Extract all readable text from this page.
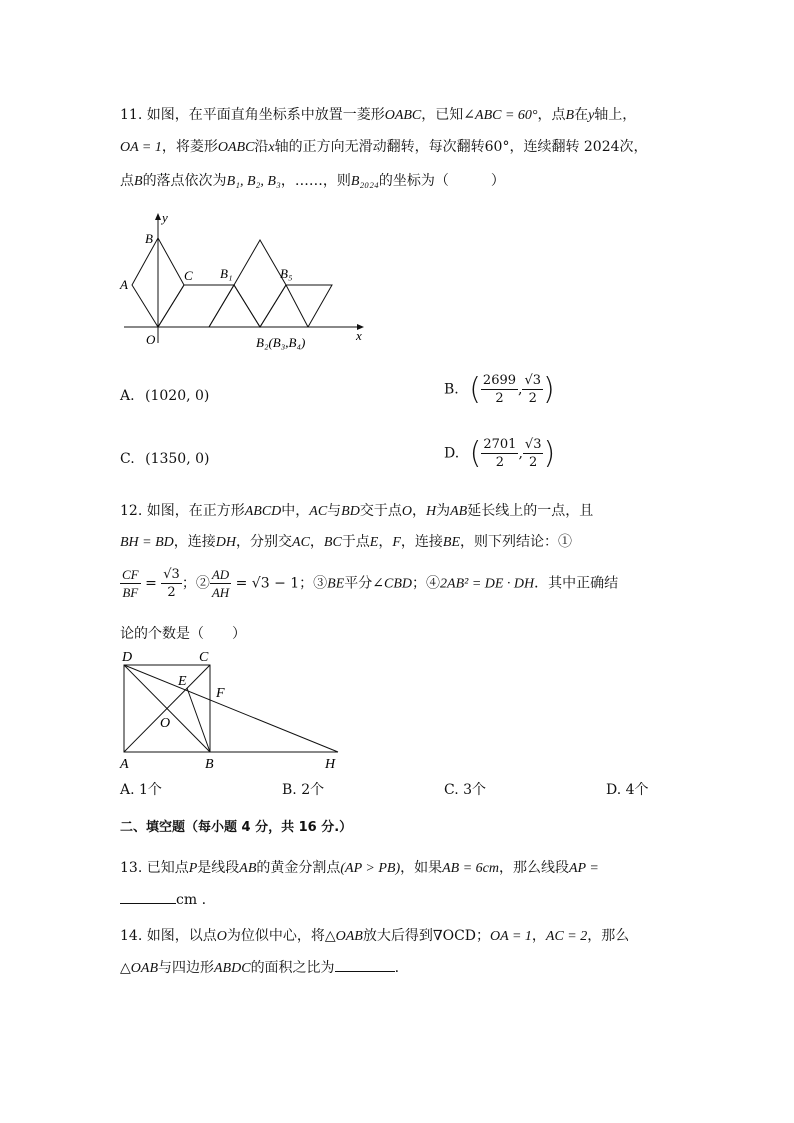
11. 如图，在平面直角坐标系中放置一菱形OABC，已知∠ABC = 60°，点B在y轴上，
OA = 1，将菱形OABC沿x轴的正方向无滑动翻转，每次翻转60°，连续翻转 2024次，
点B的落点依次为B₁, B₂, B₃，……，则B₂₀₂₄的坐标为（　　　）
y
x
B
A
C
O
B₁	B₅
B₂(B₃,B₄)
A. (1020, 0)	B. ( $\frac{2699}{2}$ , $\frac{√3}{2}$ )
C. (1350, 0)	D. ( $\frac{2701}{2}$ , $\frac{√3}{2}$ )
12. 如图，在正方形ABCD中，AC与BD交于点O，H为AB延长线上的一点，且
BH = BD，连接DH，分别交AC，BC于点E，F，连接BE，则下列结论：①
$\frac{CF}{BF} = \frac{√3}{2}$ ；② $\frac{AD}{AH} = √3 - 1$；③BE平分∠CBD；④2AB² = DE · DH．其中正确结
论的个数是（　　）
D	C
E
F
O
A	B	H
A. 1个	B. 2个	C. 3个	D. 4个
二、填空题（每小题 4 分，共 16 分.）
13. 已知点P是线段AB的黄金分割点(AP > PB)，如果AB = 6cm，那么线段AP =
cm .
14. 如图，以点O为位似中心，将△OAB放大后得到∇OCD；OA = 1，AC = 2，那么
△OAB与四边形ABDC的面积之比为	.
